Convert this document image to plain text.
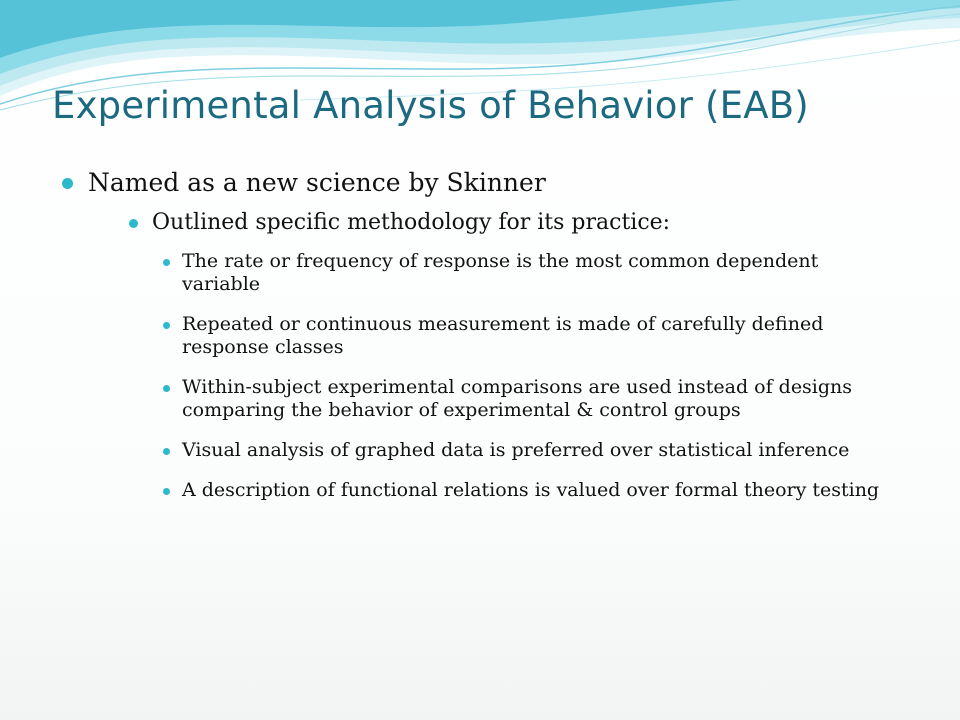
Experimental Analysis of Behavior (EAB)
Named as a new science by Skinner
Outlined specific methodology for its practice:
The rate or frequency of response is the most common dependent variable
Repeated or continuous measurement is made of carefully defined response classes
Within-subject experimental comparisons are used instead of designs comparing the behavior of experimental & control groups
Visual analysis of graphed data is preferred over statistical inference
A description of functional relations is valued over formal theory testing
